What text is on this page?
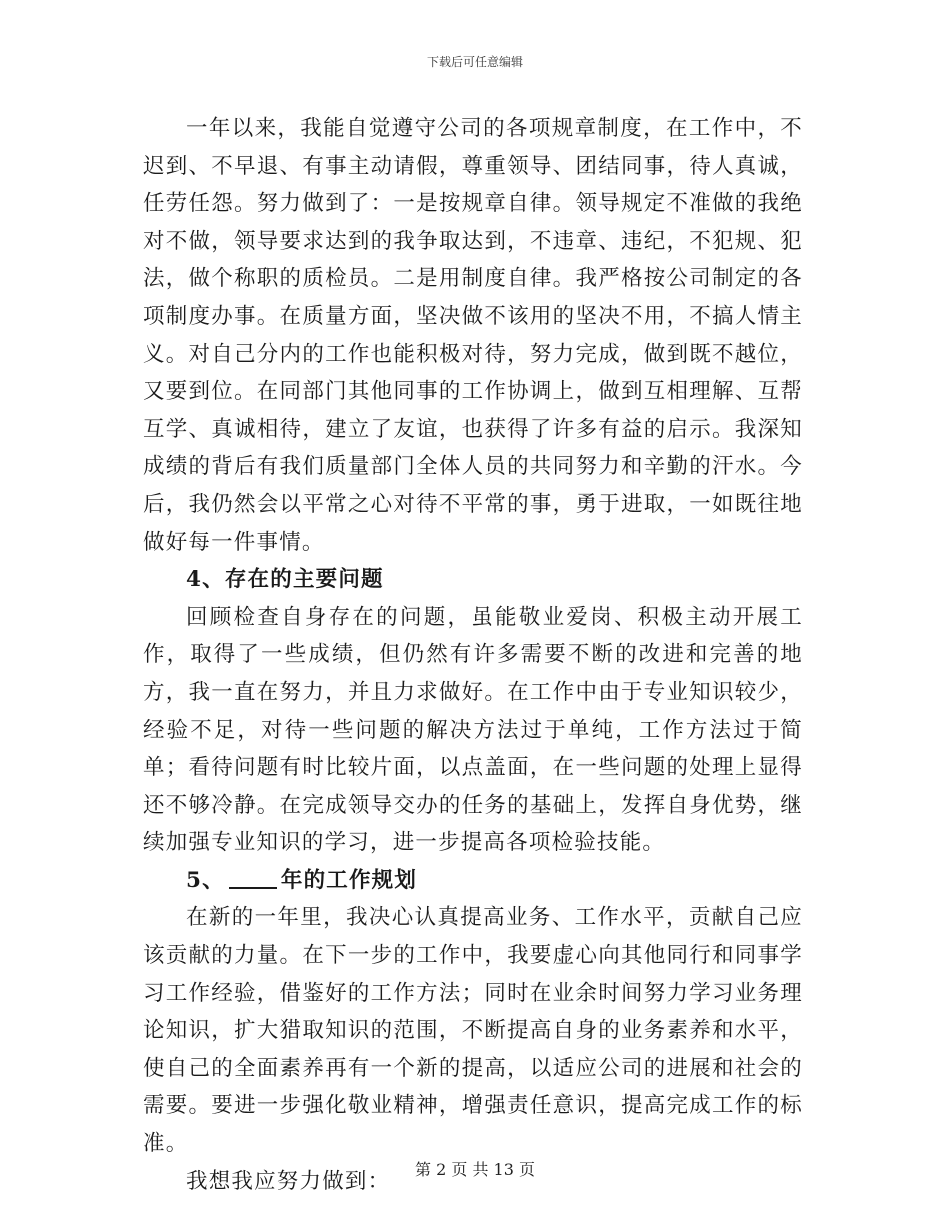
下载后可任意编辑

一年以来，我能自觉遵守公司的各项规章制度，在工作中，不迟到、不早退、有事主动请假，尊重领导、团结同事，待人真诚，任劳任怨。努力做到了：一是按规章自律。领导规定不准做的我绝对不做，领导要求达到的我争取达到，不违章、违纪，不犯规、犯法，做个称职的质检员。二是用制度自律。我严格按公司制定的各项制度办事。在质量方面，坚决做不该用的坚决不用，不搞人情主义。对自己分内的工作也能积极对待，努力完成，做到既不越位，又要到位。在同部门其他同事的工作协调上，做到互相理解、互帮互学、真诚相待，建立了友谊，也获得了许多有益的启示。我深知成绩的背后有我们质量部门全体人员的共同努力和辛勤的汗水。今后，我仍然会以平常之心对待不平常的事，勇于进取，一如既往地做好每一件事情。

4、存在的主要问题

回顾检查自身存在的问题，虽能敬业爱岗、积极主动开展工作，取得了一些成绩，但仍然有许多需要不断的改进和完善的地方，我一直在努力，并且力求做好。在工作中由于专业知识较少，经验不足，对待一些问题的解决方法过于单纯，工作方法过于简单；看待问题有时比较片面，以点盖面，在一些问题的处理上显得还不够冷静。在完成领导交办的任务的基础上，发挥自身优势，继续加强专业知识的学习，进一步提高各项检验技能。

5、	年的工作规划

在新的一年里，我决心认真提高业务、工作水平，贡献自己应该贡献的力量。在下一步的工作中，我要虚心向其他同行和同事学习工作经验，借鉴好的工作方法；同时在业余时间努力学习业务理论知识，扩大猎取知识的范围，不断提高自身的业务素养和水平，使自己的全面素养再有一个新的提高，以适应公司的进展和社会的需要。要进一步强化敬业精神，增强责任意识，提高完成工作的标准。

我想我应努力做到：	第 2 页 共 13 页
